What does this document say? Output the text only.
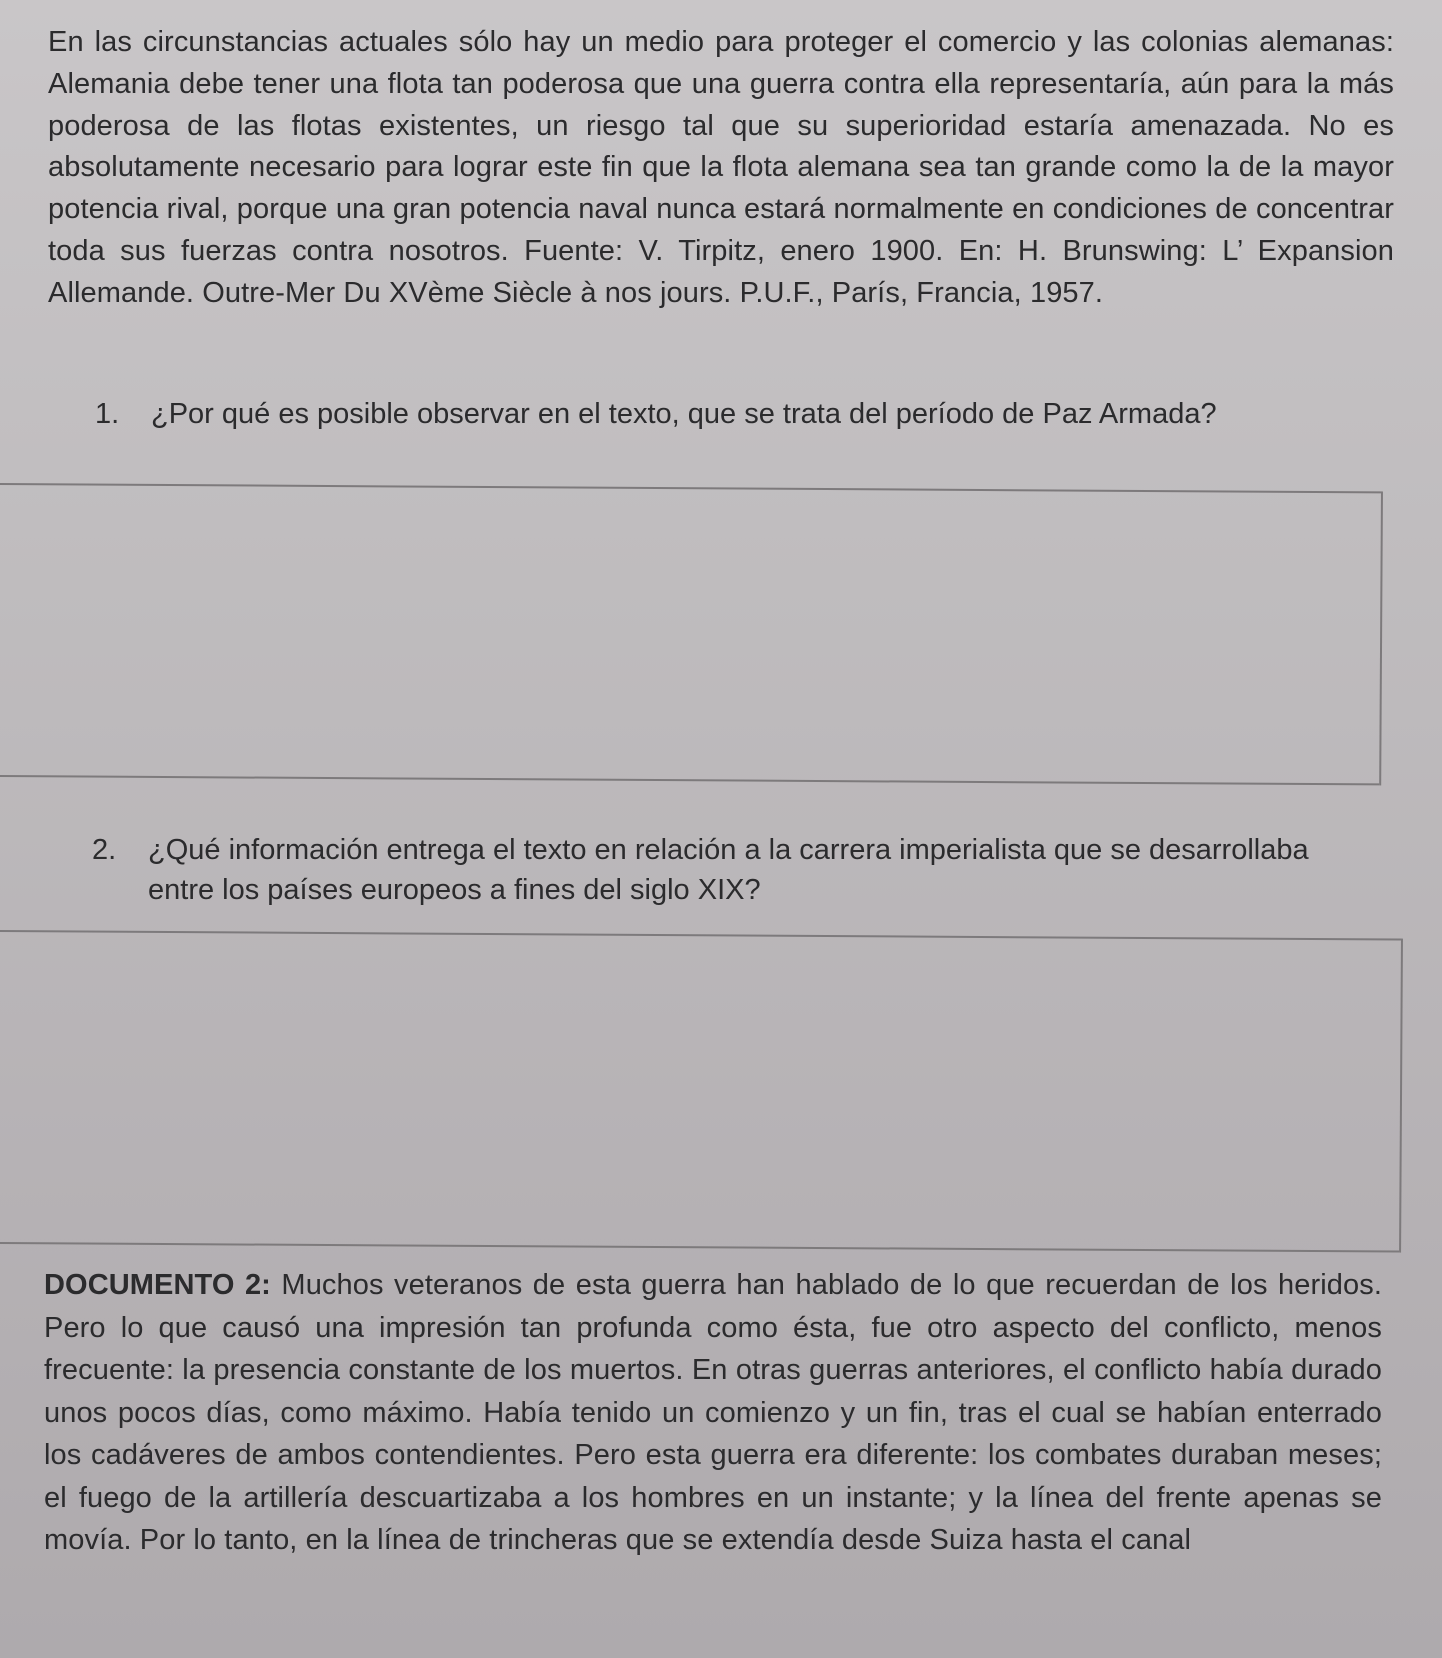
En las circunstancias actuales sólo hay un medio para proteger el comercio y las colonias alemanas: Alemania debe tener una flota tan poderosa que una guerra contra ella representaría, aún para la más poderosa de las flotas existentes, un riesgo tal que su superioridad estaría amenazada. No es absolutamente necesario para lograr este fin que la flota alemana sea tan grande como la de la mayor potencia rival, porque una gran potencia naval nunca estará normalmente en condiciones de concentrar toda sus fuerzas contra nosotros. Fuente: V. Tirpitz, enero 1900. En: H. Brunswing: L’ Expansion Allemande. Outre-Mer Du XVème Siècle à nos jours. P.U.F., París, Francia, 1957.

1. ¿Por qué es posible observar en el texto, que se trata del período de Paz Armada?
2. ¿Qué información entrega el texto en relación a la carrera imperialista que se desarrollaba entre los países europeos a fines del siglo XIX?

DOCUMENTO 2: Muchos veteranos de esta guerra han hablado de lo que recuerdan de los heridos. Pero lo que causó una impresión tan profunda como ésta, fue otro aspecto del conflicto, menos frecuente: la presencia constante de los muertos. En otras guerras anteriores, el conflicto había durado unos pocos días, como máximo. Había tenido un comienzo y un fin, tras el cual se habían enterrado los cadáveres de ambos contendientes. Pero esta guerra era diferente: los combates duraban meses; el fuego de la artillería descuartizaba a los hombres en un instante; y la línea del frente apenas se movía. Por lo tanto, en la línea de trincheras que se extendía desde Suiza hasta el canal
